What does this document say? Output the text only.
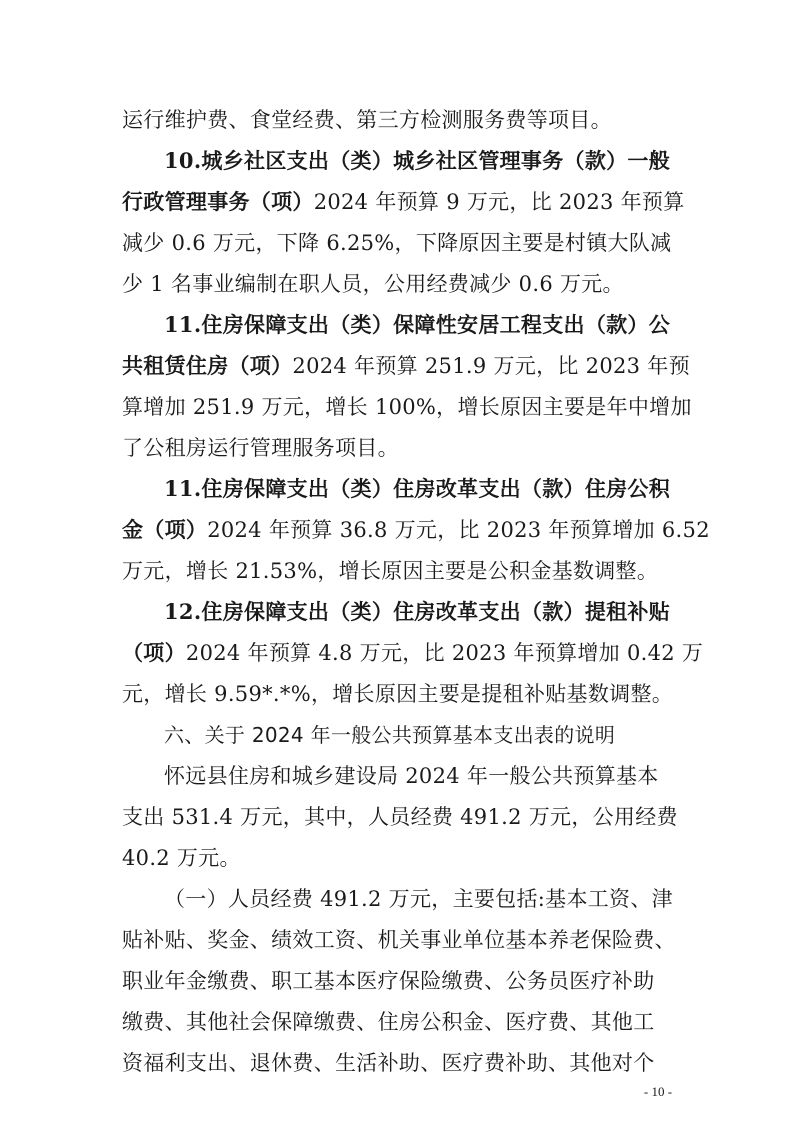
运行维护费、食堂经费、第三方检测服务费等项目。
10.城乡社区支出（类）城乡社区管理事务（款）一般
行政管理事务（项）2024 年预算 9 万元，比 2023 年预算
减少 0.6 万元，下降 6.25%，下降原因主要是村镇大队减
少 1 名事业编制在职人员，公用经费减少 0.6 万元。
11.住房保障支出（类）保障性安居工程支出（款）公
共租赁住房（项）2024 年预算 251.9 万元，比 2023 年预
算增加 251.9 万元，增长 100%，增长原因主要是年中增加
了公租房运行管理服务项目。
11.住房保障支出（类）住房改革支出（款）住房公积
金（项）2024 年预算 36.8 万元，比 2023 年预算增加 6.52
万元，增长 21.53%，增长原因主要是公积金基数调整。
12.住房保障支出（类）住房改革支出（款）提租补贴
（项）2024 年预算 4.8 万元，比 2023 年预算增加 0.42 万
元，增长 9.59*.*%，增长原因主要是提租补贴基数调整。
六、关于 2024 年一般公共预算基本支出表的说明
怀远县住房和城乡建设局 2024 年一般公共预算基本
支出 531.4 万元，其中，人员经费 491.2 万元，公用经费
40.2 万元。
（一）人员经费 491.2 万元，主要包括:基本工资、津
贴补贴、奖金、绩效工资、机关事业单位基本养老保险费、
职业年金缴费、职工基本医疗保险缴费、公务员医疗补助
缴费、其他社会保障缴费、住房公积金、医疗费、其他工
资福利支出、退休费、生活补助、医疗费补助、其他对个
- 10 -
